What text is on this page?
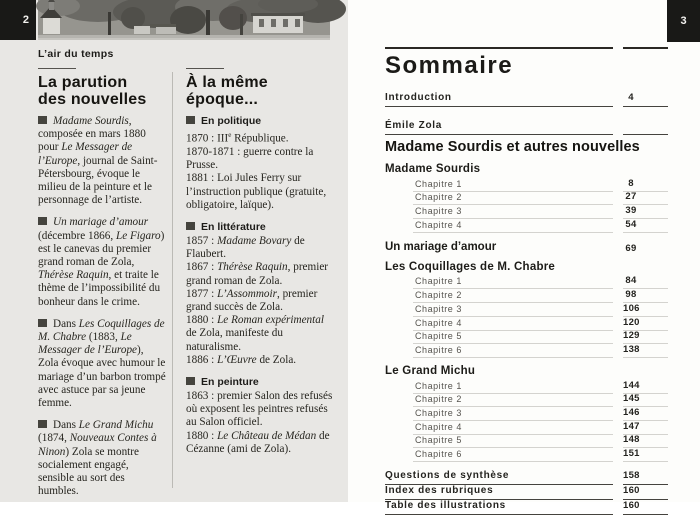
2
L’air du temps
La parution des nouvelles

Madame Sourdis, composée en mars 1880 pour Le Messager de l’Europe, journal de Saint-Pétersbourg, évoque le milieu de la peinture et le personnage de l’artiste.

Un mariage d’amour (décembre 1866, Le Figaro) est le canevas du premier grand roman de Zola, Thérèse Raquin, et traite le thème de l’impossibilité du bonheur dans le crime.

Dans Les Coquillages de M. Chabre (1883, Le Messager de l’Europe), Zola évoque avec humour le mariage d’un barbon trompé avec astuce par sa jeune femme.

Dans Le Grand Michu (1874, Nouveaux Contes à Ninon) Zola se montre socialement engagé, sensible au sort des humbles.

À la même époque...
En politique

1870 : IIIe République.

1870-1871 : guerre contre la Prusse.

1881 : Loi Jules Ferry sur l’instruction publique (gratuite, obligatoire, laïque).

En littérature

1857 : Madame Bovary de Flaubert.

1867 : Thérèse Raquin, premier grand roman de Zola.

1877 : L’Assommoir, premier grand succès de Zola.

1880 : Le Roman expérimental de Zola, manifeste du naturalisme.

1886 : L’Œuvre de Zola.

En peinture

1863 : premier Salon des refusés où exposent les peintres refusés au Salon officiel.

1880 : Le Château de Médan de Cézanne (ami de Zola).

3
Sommaire
Introduction	4
Émile Zola
Madame Sourdis et autres nouvelles
Madame Sourdis
Chapitre 1	8
Chapitre 2	27
Chapitre 3	39
Chapitre 4	54
Un mariage d’amour	69
Les Coquillages de M. Chabre
Chapitre 1	84
Chapitre 2	98
Chapitre 3	106
Chapitre 4	120
Chapitre 5	129
Chapitre 6	138
Le Grand Michu
Chapitre 1	144
Chapitre 2	145
Chapitre 3	146
Chapitre 4	147
Chapitre 5	148
Chapitre 6	151
Questions de synthèse	158
Index des rubriques	160
Table des illustrations	160
